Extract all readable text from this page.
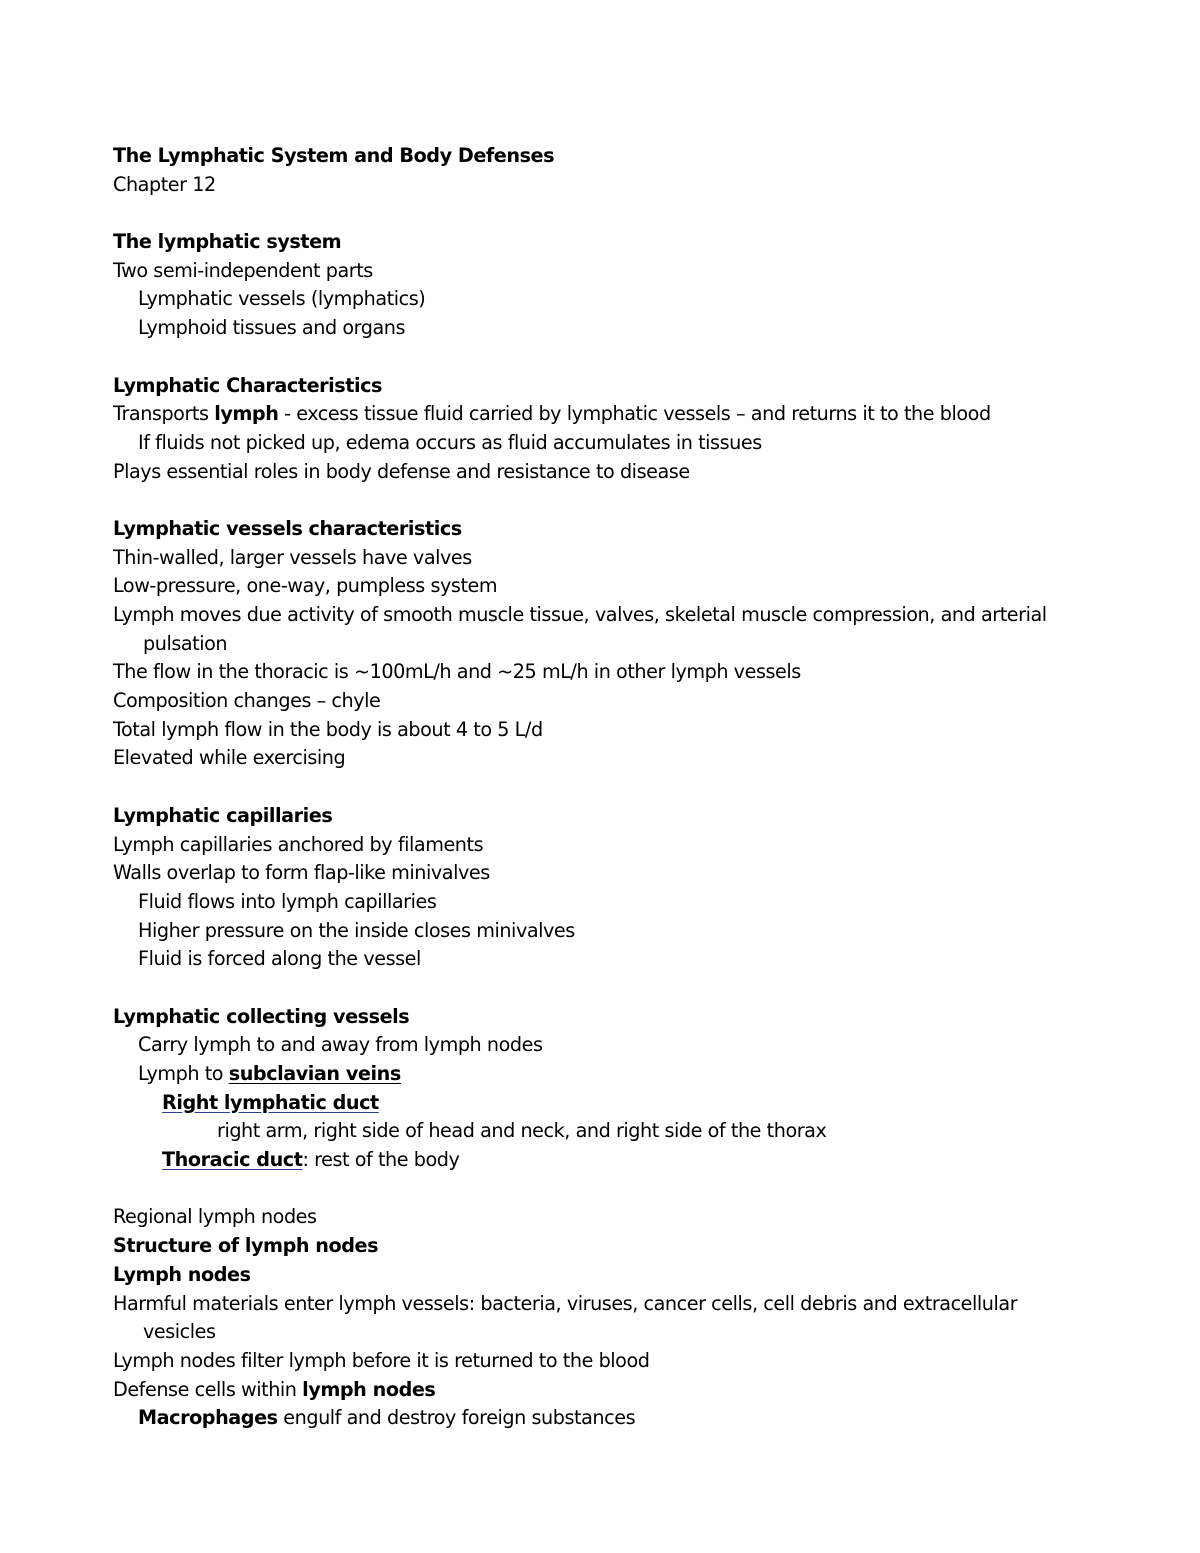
The Lymphatic System and Body Defenses
Chapter 12
The lymphatic system
Two semi-independent parts
Lymphatic vessels (lymphatics)
Lymphoid tissues and organs
Lymphatic Characteristics
Transports lymph - excess tissue fluid carried by lymphatic vessels – and returns it to the blood
If fluids not picked up, edema occurs as fluid accumulates in tissues
Plays essential roles in body defense and resistance to disease
Lymphatic vessels characteristics
Thin-walled, larger vessels have valves
Low-pressure, one-way, pumpless system
Lymph moves due activity of smooth muscle tissue, valves, skeletal muscle compression, and arterial
pulsation
The flow in the thoracic is ~100mL/h and ~25 mL/h in other lymph vessels
Composition changes – chyle
Total lymph flow in the body is about 4 to 5 L/d
Elevated while exercising
Lymphatic capillaries
Lymph capillaries anchored by filaments
Walls overlap to form flap-like minivalves
Fluid flows into lymph capillaries
Higher pressure on the inside closes minivalves
Fluid is forced along the vessel
Lymphatic collecting vessels
Carry lymph to and away from lymph nodes
Lymph to subclavian veins
Right lymphatic duct
right arm, right side of head and neck, and right side of the thorax
Thoracic duct: rest of the body
Regional lymph nodes
Structure of lymph nodes
Lymph nodes
Harmful materials enter lymph vessels: bacteria, viruses, cancer cells, cell debris and extracellular
vesicles
Lymph nodes filter lymph before it is returned to the blood
Defense cells within lymph nodes
Macrophages engulf and destroy foreign substances
